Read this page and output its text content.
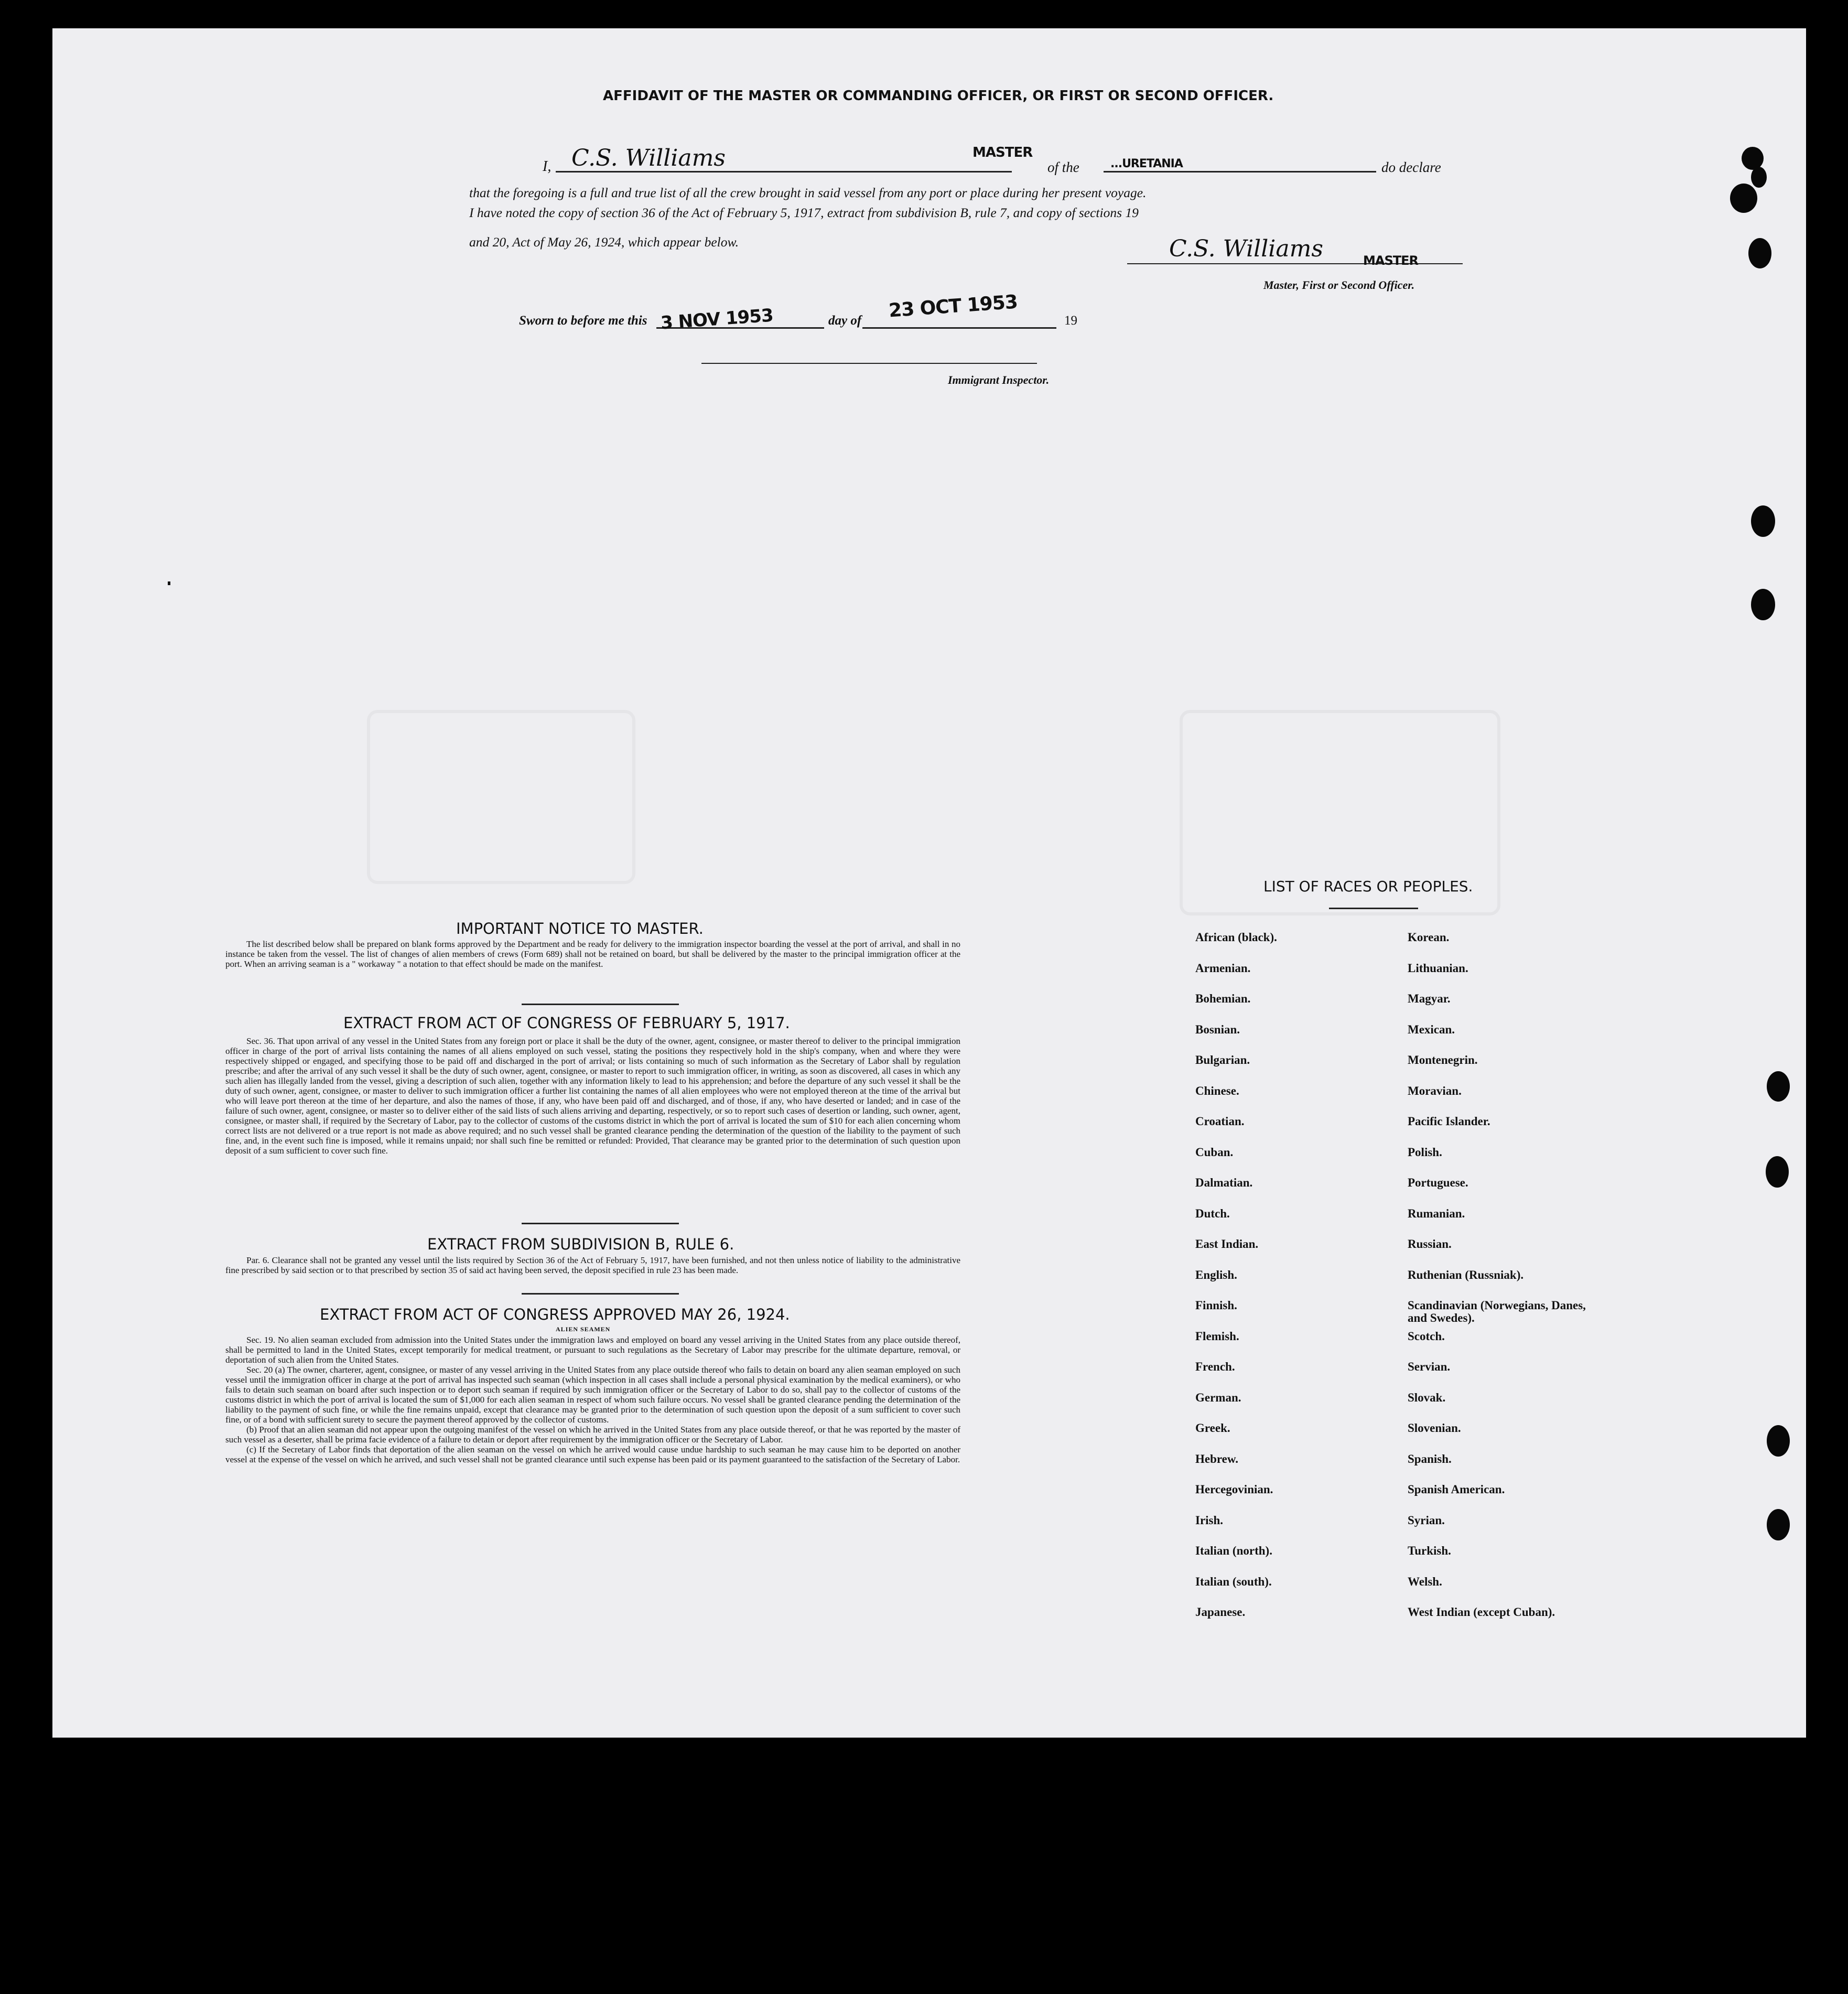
AFFIDAVIT OF THE MASTER OR COMMANDING OFFICER, OR FIRST OR SECOND OFFICER.
I, C.S. Williams	MASTER
of the	...URETANIA	do declare
that the foregoing is a full and true list of all the crew brought in said vessel from any port or place during her present voyage.
I have noted the copy of section 36 of the Act of February 5, 1917, extract from subdivision B, rule 7, and copy of sections 19
and 20, Act of May 26, 1924, which appear below.	C.S. Williams	MASTER
Master, First or Second Officer.
Sworn to before me this 3 NOV 1953	day of 23 OCT 1953	19
Immigrant Inspector.
IMPORTANT NOTICE TO MASTER.

The list described below shall be prepared on blank forms approved by the Department and be ready for delivery to the immigration inspector boarding the vessel at the port of arrival, and shall in no instance be taken from the vessel. The list of changes of alien members of crews (Form 689) shall not be retained on board, but shall be delivered by the master to the principal immigration officer at the port. When an arriving seaman is a " workaway " a notation to that effect should be made on the manifest.

EXTRACT FROM ACT OF CONGRESS OF FEBRUARY 5, 1917.

Sec. 36. That upon arrival of any vessel in the United States from any foreign port or place it shall be the duty of the owner, agent, consignee, or master thereof to deliver to the principal immigration officer in charge of the port of arrival lists containing the names of all aliens employed on such vessel, stating the positions they respectively hold in the ship's company, when and where they were respectively shipped or engaged, and specifying those to be paid off and discharged in the port of arrival; or lists containing so much of such information as the Secretary of Labor shall by regulation prescribe; and after the arrival of any such vessel it shall be the duty of such owner, agent, consignee, or master to report to such immigration officer, in writing, as soon as discovered, all cases in which any such alien has illegally landed from the vessel, giving a description of such alien, together with any information likely to lead to his apprehension; and before the departure of any such vessel it shall be the duty of such owner, agent, consignee, or master to deliver to such immigration officer a further list containing the names of all alien employees who were not employed thereon at the time of the arrival but who will leave port thereon at the time of her departure, and also the names of those, if any, who have been paid off and discharged, and of those, if any, who have deserted or landed; and in case of the failure of such owner, agent, consignee, or master so to deliver either of the said lists of such aliens arriving and departing, respectively, or so to report such cases of desertion or landing, such owner, agent, consignee, or master shall, if required by the Secretary of Labor, pay to the collector of customs of the customs district in which the port of arrival is located the sum of $10 for each alien concerning whom correct lists are not delivered or a true report is not made as above required; and no such vessel shall be granted clearance pending the determination of the question of the liability to the payment of such fine, and, in the event such fine is imposed, while it remains unpaid; nor shall such fine be remitted or refunded: Provided, That clearance may be granted prior to the determination of such question upon deposit of a sum sufficient to cover such fine.

EXTRACT FROM SUBDIVISION B, RULE 6.

Par. 6. Clearance shall not be granted any vessel until the lists required by Section 36 of the Act of February 5, 1917, have been furnished, and not then unless notice of liability to the administrative fine prescribed by said section or to that prescribed by section 35 of said act having been served, the deposit specified in rule 23 has been made.

EXTRACT FROM ACT OF CONGRESS APPROVED MAY 26, 1924.
ALIEN SEAMEN

Sec. 19. No alien seaman excluded from admission into the United States under the immigration laws and employed on board any vessel arriving in the United States from any place outside thereof, shall be permitted to land in the United States, except temporarily for medical treatment, or pursuant to such regulations as the Secretary of Labor may prescribe for the ultimate departure, removal, or deportation of such alien from the United States.

Sec. 20 (a) The owner, charterer, agent, consignee, or master of any vessel arriving in the United States from any place outside thereof who fails to detain on board any alien seaman employed on such vessel until the immigration officer in charge at the port of arrival has inspected such seaman (which inspection in all cases shall include a personal physical examination by the medical examiners), or who fails to detain such seaman on board after such inspection or to deport such seaman if required by such immigration officer or the Secretary of Labor to do so, shall pay to the collector of customs of the customs district in which the port of arrival is located the sum of $1,000 for each alien seaman in respect of whom such failure occurs. No vessel shall be granted clearance pending the determination of the liability to the payment of such fine, or while the fine remains unpaid, except that clearance may be granted prior to the determination of such question upon the deposit of a sum sufficient to cover such fine, or of a bond with sufficient surety to secure the payment thereof approved by the collector of customs.

(b) Proof that an alien seaman did not appear upon the outgoing manifest of the vessel on which he arrived in the United States from any place outside thereof, or that he was reported by the master of such vessel as a deserter, shall be prima facie evidence of a failure to detain or deport after requirement by the immigration officer or the Secretary of Labor.

(c) If the Secretary of Labor finds that deportation of the alien seaman on the vessel on which he arrived would cause undue hardship to such seaman he may cause him to be deported on another vessel at the expense of the vessel on which he arrived, and such vessel shall not be granted clearance until such expense has been paid or its payment guaranteed to the satisfaction of the Secretary of Labor.

LIST OF RACES OR PEOPLES.
African (black).
Armenian.
Bohemian.
Bosnian.
Bulgarian.
Chinese.
Croatian.
Cuban.
Dalmatian.
Dutch.
East Indian.
English.
Finnish.
Flemish.
French.
German.
Greek.
Hebrew.
Hercegovinian.
Irish.
Italian (north).
Italian (south).
Japanese.
Korean.
Lithuanian.
Magyar.
Mexican.
Montenegrin.
Moravian.
Pacific Islander.
Polish.
Portuguese.
Rumanian.
Russian.
Ruthenian (Russniak).
Scandinavian (Norwegians, Danes, and Swedes).
Scotch.
Servian.
Slovak.
Slovenian.
Spanish.
Spanish American.
Syrian.
Turkish.
Welsh.
West Indian (except Cuban).
